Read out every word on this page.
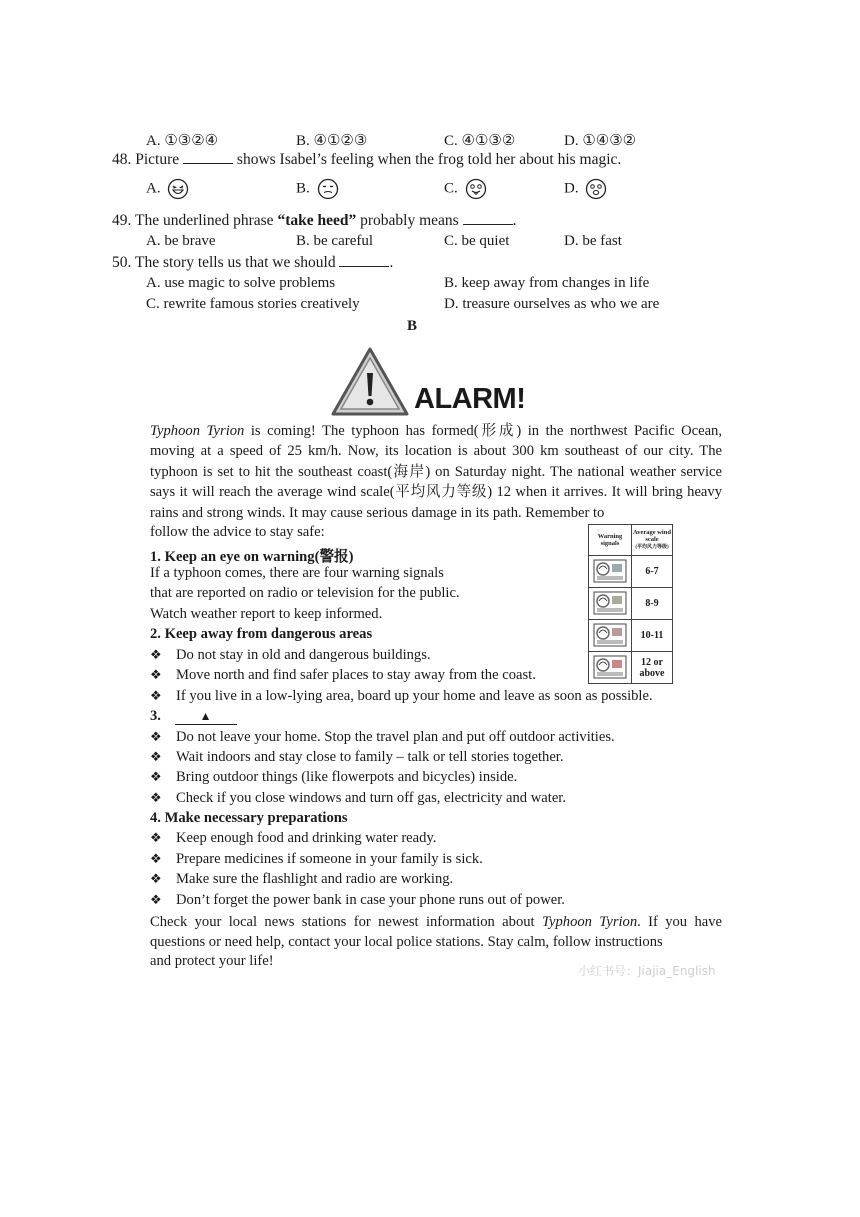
A. ①③②④	B. ④①②③	C. ④①③②	D. ①④③②
48. Picture	shows Isabel’s feeling when the frog told her about his magic.
A.	B.	C.	D.
49. The underlined phrase “take heed” probably means	.
A. be brave	B. be careful	C. be quiet	D. be fast
50. The story tells us that we should	.
A. use magic to solve problems	B. keep away from changes in life
C. rewrite famous stories creatively	D. treasure ourselves as who we are
B
ALARM!

Typhoon Tyrion is coming! The typhoon has formed(形成) in the northwest Pacific Ocean, moving at a speed of 25 km/h. Now, its location is about 300 km southeast of our city. The typhoon is set to hit the southeast coast(海岸) on Saturday night. The national weather service says it will reach the average wind scale(平均风力等级) 12 when it arrives. It will bring heavy rains and strong winds. It may cause serious damage in its path. Remember to

follow the advice to stay safe:
1. Keep an eye on warning(警报)
If a typhoon comes, there are four warning signals
that are reported on radio or television for the public.
Watch weather report to keep informed.
2. Keep away from dangerous areas
❖ Do not stay in old and dangerous buildings.
❖ Move north and find safer places to stay away from the coast.
❖ If you live in a low-lying area, board up your home and leave as soon as possible.
3.	▲
❖ Do not leave your home. Stop the travel plan and put off outdoor activities.
❖ Wait indoors and stay close to family – talk or tell stories together.
❖ Bring outdoor things (like flowerpots and bicycles) inside.
❖ Check if you close windows and turn off gas, electricity and water.
4. Make necessary preparations
❖ Keep enough food and drinking water ready.
❖ Prepare medicines if someone in your family is sick.
❖ Make sure the flashlight and radio are working.
❖ Don’t forget the power bank in case your phone runs out of power.

Check your local news stations for newest information about Typhoon Tyrion. If you have questions or need help, contact your local police stations. Stay calm, follow instructions

and protect your life!
Warning signals	Average wind scale
(平均风力等级)
	6-7
	8-9
	10-11
	12 or above
小红书号：Jiajia_English
